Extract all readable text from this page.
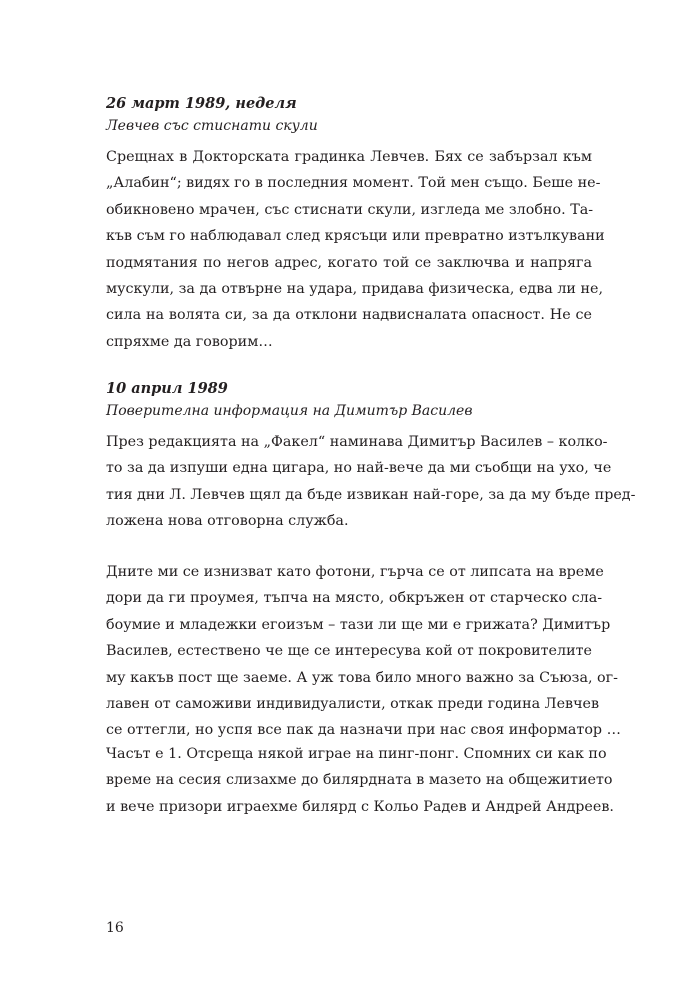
26 март 1989, неделя

Левчев със стиснати скули

Срещнах в Докторската градинка Левчев. Бях се забързал към
„Алабин“; видях го в последния момент. Той мен също. Беше не-
обикновено мрачен, със стиснати скули, изгледа ме злобно. Та-
къв съм го наблюдавал след крясъци или превратно изтълкувани
подмятания по негов адрес, когато той се заключва и напряга
мускули, за да отвърне на удара, придава физическа, едва ли не,
сила на волята си, за да отклони надвисналата опасност. Не се
спряхме да говорим…

10 април 1989

Поверителна информация на Димитър Василев

През редакцията на „Факел“ наминава Димитър Василев – колко-
то за да изпуши една цигара, но най-вече да ми съобщи на ухо, че
тия дни Л. Левчев щял да бъде извикан най-горе, за да му бъде пред-
ложена нова отговорна служба.

Дните ми се изнизват като фотони, гърча се от липсата на време
дори да ги проумея, тъпча на място, обкръжен от старческо сла-
боумие и младежки егоизъм – тази ли ще ми е грижата? Димитър
Василев, естествено че ще се интересува кой от покровителите
му какъв пост ще заеме. А уж това било много важно за Съюза, ог-
лавен от саможиви индивидуалисти, откак преди година Левчев
се оттегли, но успя все пак да назначи при нас своя информатор …

Часът е 1. Отсреща някой играе на пинг-понг. Спомних си как по
време на сесия слизахме до билярдната в мазето на общежитието
и вече призори играехме билярд с Кольо Радев и Андрей Андреев.

16
